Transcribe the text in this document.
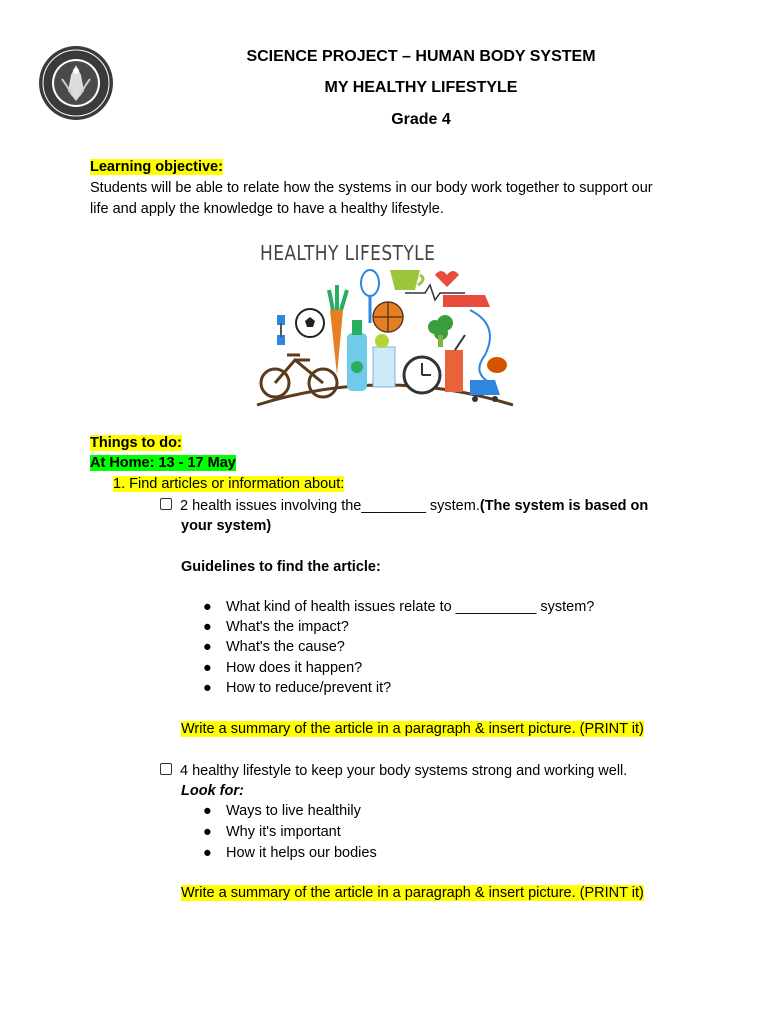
SCIENCE PROJECT – HUMAN BODY SYSTEM
MY HEALTHY LIFESTYLE
Grade 4
Learning objective:
Students will be able to relate how the systems in our body work together to support our
life and apply the knowledge to have a healthy lifestyle.
HEALTHY LIFESTYLE
Things to do:
At Home: 13 - 17 May
1. Find articles or information about:
2 health issues involving the________ system.(The system is based on
your system)
Guidelines to find the article:
● What kind of health issues relate to __________ system?
● What's the impact?
● What's the cause?
● How does it happen?
● How to reduce/prevent it?
Write a summary of the article in a paragraph & insert picture. (PRINT it)
4 healthy lifestyle to keep your body systems strong and working well.
Look for:
● Ways to live healthily
● Why it's important
● How it helps our bodies
Write a summary of the article in a paragraph & insert picture. (PRINT it)
